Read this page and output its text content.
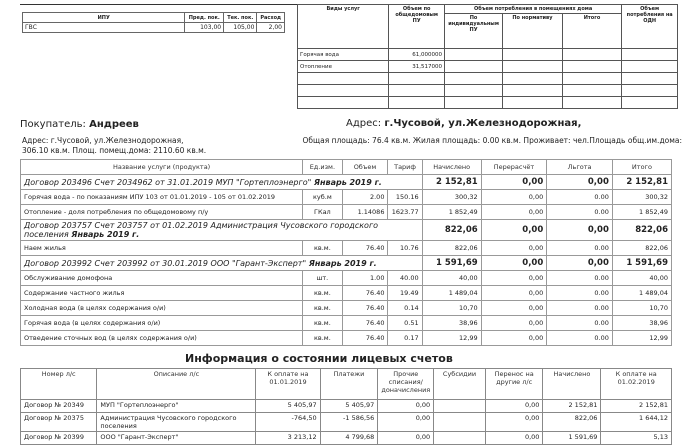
ИПУ	Пред. пок.	Тек. пок.	Расход
ГВС	103,00	105,00	2,00
Виды услуг	Объем по общедомовым ПУ	Объем потребления в помещениях дома			Объем потребления на ОДН
		По индивидуальным ПУ	По нормативу	Итого	
Горячая вода	61,000000				
Отопление	31,517000				

Покупатель: Андреев	Адрес: г.Чусовой, ул.Железнодорожная,
Адрес: г.Чусовой, ул.Железнодорожная,	Общая площадь: 76.4 кв.м. Жилая площадь: 0.00 кв.м. Проживает: чел.Площадь общ.им.дома:
306.10 кв.м. Площ. помещ.дома: 2110.60 кв.м.
Название услуги (продукта)	Ед.изм.	Объем	Тариф	Начислено	Перерасчёт	Льгота	Итого
Договор 203496 Счет 2034962 от 31.01.2019 МУП "Гортеплоэнерго" Январь 2019 г.				2 152,81	0,00	0,00	2 152,81
Горячая вода - по показаниям ИПУ 103 от 01.01.2019 - 105 от 01.02.2019	куб.м	2.00	150.16	300,32	0,00	0.00	300,32
Отопление - доля потребления по общедомовому п/у	ГКал	1.14086	1623.77	1 852,49	0,00	0.00	1 852,49
Договор 203757 Счет 203757 от 01.02.2019 Администрация Чусовского городского поселения Январь 2019 г.				822,06	0,00	0,00	822,06
Наем жилья	кв.м.	76.40	10.76	822,06	0,00	0.00	822,06
Договор 203992 Счет 203992 от 30.01.2019 ООО "Гарант-Эксперт" Январь 2019 г.				1 591,69	0,00	0,00	1 591,69
Обслуживание домофона	шт.	1.00	40.00	40,00	0,00	0.00	40,00
Содержание частного жилья	кв.м.	76.40	19.49	1 489,04	0,00	0.00	1 489,04
Холодная вода (в целях содержания о/и)	кв.м.	76.40	0.14	10,70	0,00	0.00	10,70
Горячая вода (в целях содержания о/и)	кв.м.	76.40	0.51	38,96	0,00	0.00	38,96
Отведение сточных вод (в целях содержания о/и)	кв.м.	76.40	0.17	12,99	0,00	0.00	12,99
Информация о состоянии лицевых счетов
Номер л/с	Описание л/с	К оплате на 01.01.2019	Платежи	Прочие списания/доначисления	Субсидии	Перенос на другие л/с	Начислено	К оплате на 01.02.2019
Договор № 20349	МУП "Гортеплоэнерго"	5 405,97	5 405,97	0,00		0,00	2 152,81	2 152,81
Договор № 20375	Администрация Чусовского городского поселения	-764,50	-1 586,56	0,00		0,00	822,06	1 644,12
Договор № 20399	ООО "Гарант-Эксперт"	3 213,12	4 799,68	0,00		0,00	1 591,69	5,13
